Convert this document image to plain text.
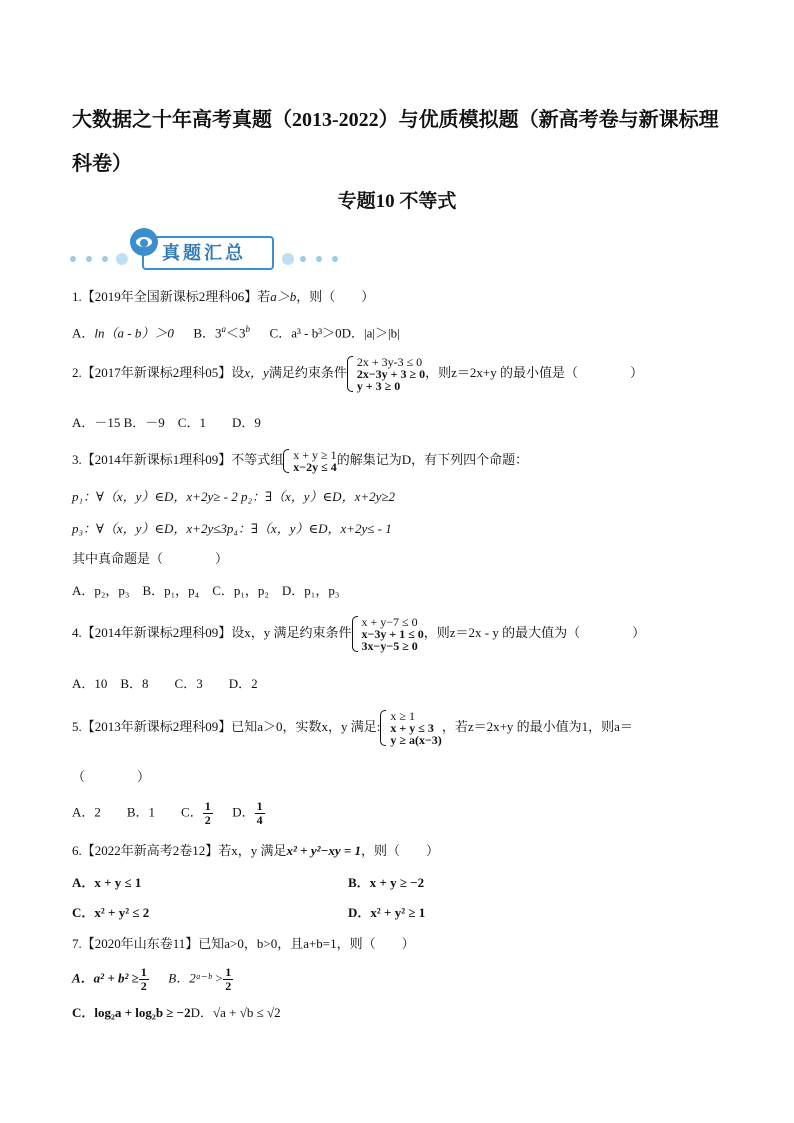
大数据之十年高考真题（2013-2022）与优质模拟题（新高考卷与新课标理科卷）
专题10 不等式
真题汇总
1.【2019年全国新课标2理科06】若a＞b，则（　　）
A．ln（a - b）＞0 B．$3^a<3^b$ C．a³ - b³＞0D．|a|＞|b|
2.【2017年新课标2理科05】设x，y满足约束条件
2x + 3y-3 ≤ 0
2x−3y + 3 ≥ 0
y + 3 ≥ 0
，则z＝2x+y 的最小值是（　　　　）
A．－15 B．－9　C．1　　D．9
3.【2014年新课标1理科09】不等式组 x + y ≥ 1
x−2y ≤ 4
的解集记为D，有下列四个命题：
p₁：∀（x，y）∈D，x+2y≥ - 2 p₂：∃（x，y）∈D，x+2y≥2
p₃：∀（x，y）∈D，x+2y≤3p₄：∃（x，y）∈D，x+2y≤ - 1
其中真命题是（　　　　）
A．p₂，p₃　B．p₁，p₄　C．p₁，p₂　D．p₁，p₃
4.【2014年新课标2理科09】设x，y 满足约束条件
x + y−7 ≤ 0
x−3y + 1 ≤ 0
3x−y−5 ≥ 0
，则z＝2x - y 的最大值为（　　　　）
A．10　B．8　　C．3　　D．2
5.【2013年新课标2理科09】已知a＞0，实数x，y 满足:
x ≥ 1
x + y ≤ 3
y ≥ a(x−3)
，若z＝2x+y 的最小值为1，则a＝
（　　　　）
A．2　　B．1　　C． $\frac{1}{2}$ D． $\frac{1}{4}$
6.【2022年新高考2卷12】若x，y 满足x² + y²−xy = 1，则（　　）
A．x + y ≤ 1	B．x + y ≥ −2
C．x² + y² ≤ 2	D．x² + y² ≥ 1
7.【2020年山东卷11】已知a>0，b>0，且a+b=1，则（　　）
A．$a^2 + b^2 \ge \frac{1}{2}$ B．2ᵃ⁻ᵇ > $\frac{1}{2}$
C．log₂a + log₂b ≥ −2D．√a + √b ≤ √2
